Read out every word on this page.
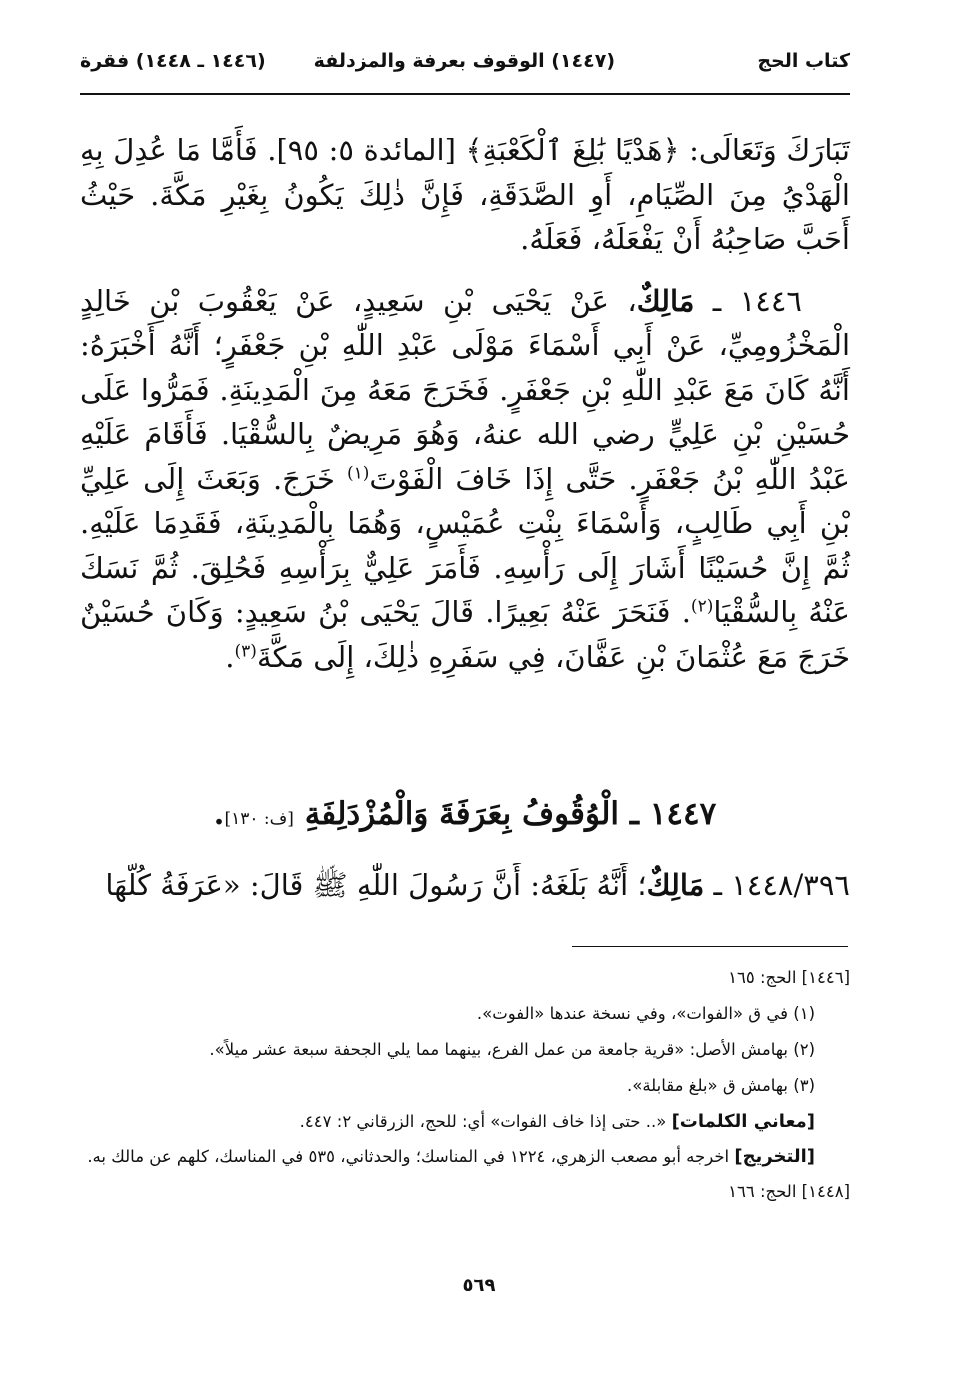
كتاب الحج
(١٤٤٧) الوقوف بعرفة والمزدلفة
(١٤٤٦ ـ ١٤٤٨) فقرة

تَبَارَكَ وَتَعَالَى: ﴿هَدْيًا بَٰلِغَ ٱلْكَعْبَةِ﴾ [المائدة ٥: ٩٥]. فَأَمَّا مَا عُدِلَ بِهِ الْهَدْيُ مِنَ الصِّيَامِ، أَوِ الصَّدَقَةِ، فَإِنَّ ذٰلِكَ يَكُونُ بِغَيْرِ مَكَّةَ. حَيْثُ أَحَبَّ صَاحِبُهُ أَنْ يَفْعَلَهُ، فَعَلَهُ.

١٤٤٦ ـ مَالِكٌ، عَنْ يَحْيَى بْنِ سَعِيدٍ، عَنْ يَعْقُوبَ بْنِ خَالِدٍ الْمَخْزُومِيِّ، عَنْ أَبِي أَسْمَاءَ مَوْلَى عَبْدِ اللّٰهِ بْنِ جَعْفَرٍ؛ أَنَّهُ أَخْبَرَهُ: أَنَّهُ كَانَ مَعَ عَبْدِ اللّٰهِ بْنِ جَعْفَرٍ. فَخَرَجَ مَعَهُ مِنَ الْمَدِينَةِ. فَمَرُّوا عَلَى حُسَيْنِ بْنِ عَلِيٍّ رضي الله عنهُ، وَهُوَ مَرِيضٌ بِالسُّقْيَا. فَأَقَامَ عَلَيْهِ عَبْدُ اللّٰهِ بْنُ جَعْفَرٍ. حَتَّى إِذَا خَافَ الْفَوْتَ$^{(١)}$ خَرَجَ. وَبَعَثَ إِلَى عَلِيِّ بْنِ أَبِي طَالِبٍ، وَأَسْمَاءَ بِنْتِ عُمَيْسٍ، وَهُمَا بِالْمَدِينَةِ، فَقَدِمَا عَلَيْهِ. ثُمَّ إِنَّ حُسَيْنًا أَشَارَ إِلَى رَأْسِهِ. فَأَمَرَ عَلِيٌّ بِرَأْسِهِ فَحُلِقَ. ثُمَّ نَسَكَ عَنْهُ بِالسُّقْيَا$^{(٢)}$. فَنَحَرَ عَنْهُ بَعِيرًا. قَالَ يَحْيَى بْنُ سَعِيدٍ: وَكَانَ حُسَيْنٌ خَرَجَ مَعَ عُثْمَانَ بْنِ عَفَّانَ، فِي سَفَرِهِ ذٰلِكَ، إِلَى مَكَّةَ$^{(٣)}$.

١٤٤٧ ـ الْوُقُوفُ بِعَرَفَةَ وَالْمُزْدَلِفَةِ [ف: ١٣٠].
١٤٤٨/٣٩٦ ـ مَالِكٌ؛ أَنَّهُ بَلَغَهُ: أَنَّ رَسُولَ اللّٰهِ ﷺ قَالَ: «عَرَفَةُ كُلُّهَا

[١٤٤٦] الحج: ١٦٥

(١) في ق «الفوات»، وفي نسخة عندها «الفوت».

(٢) بهامش الأصل: «قرية جامعة من عمل الفرع، بينهما مما يلي الجحفة سبعة عشر ميلاً».

(٣) بهامش ق «بلغ مقابلة».

[معاني الكلمات] «.. حتى إذا خاف الفوات» أي: للحج، الزرقاني ٢: ٤٤٧.

[التخريج] اخرجه أبو مصعب الزهري، ١٢٢٤ في المناسك؛ والحدثاني، ٥٣٥ في المناسك، كلهم عن مالك به.

[١٤٤٨] الحج: ١٦٦

٥٦٩
